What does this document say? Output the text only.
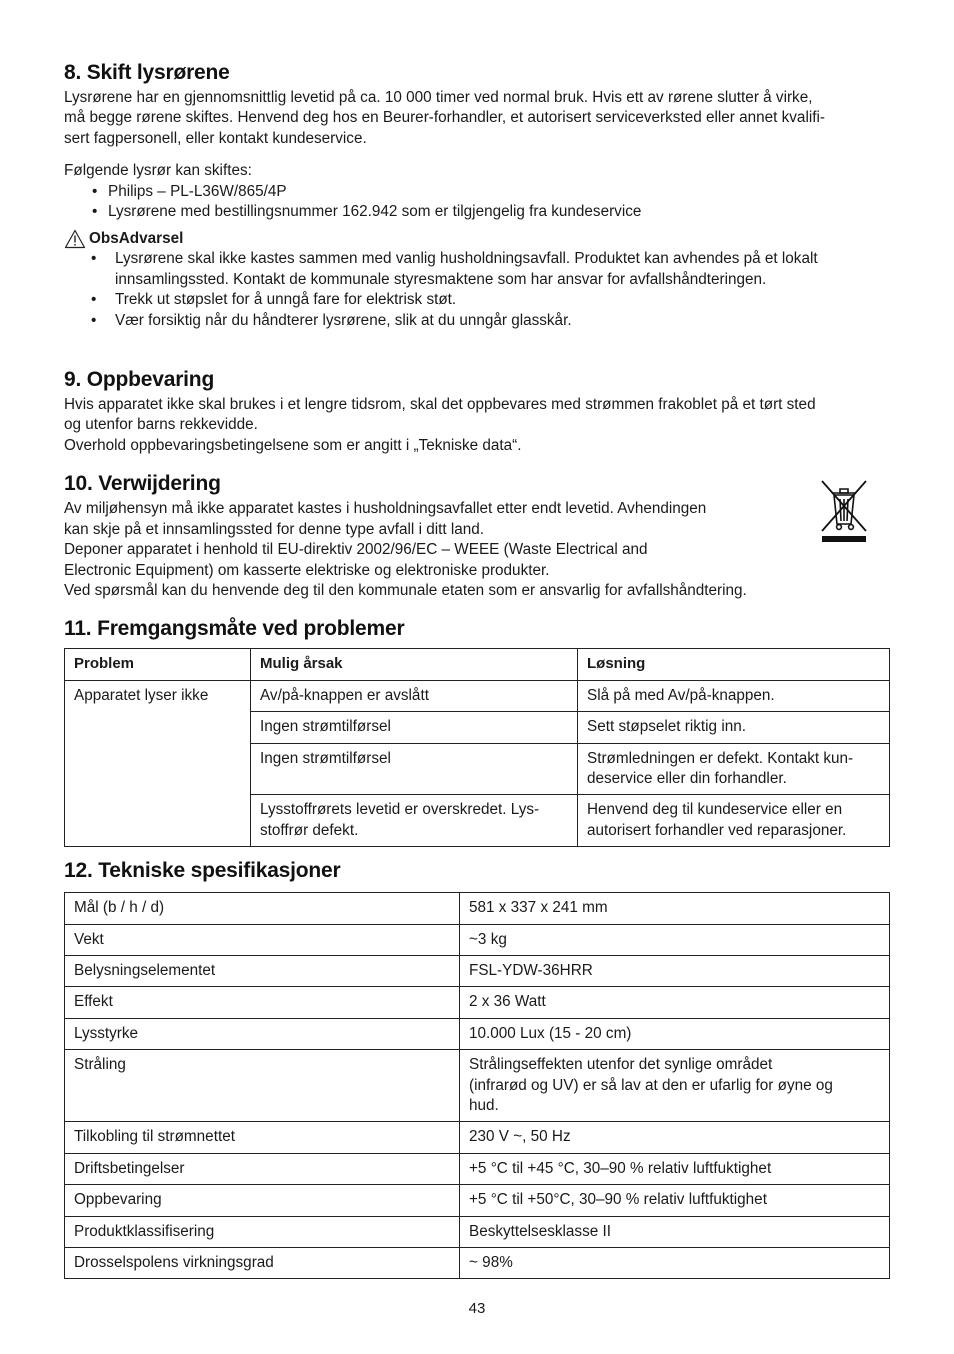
8. Skift lysrørene

Lysrørene har en gjennomsnittlig levetid på ca. 10 000 timer ved normal bruk. Hvis ett av rørene slutter å virke,
må begge rørene skiftes. Henvend deg hos en Beurer-forhandler, et autorisert serviceverksted eller annet kvalifi-
sert fagpersonell, eller kontakt kundeservice.

Følgende lysrør kan skiftes:

• Philips – PL-L36W/865/4P
• Lysrørene med bestillingsnummer 162.942 som er tilgjengelig fra kundeservice
ObsAdvarsel
• Lysrørene skal ikke kastes sammen med vanlig husholdningsavfall. Produktet kan avhendes på et lokalt
innsamlingssted. Kontakt de kommunale styresmaktene som har ansvar for avfallshåndteringen.
• Trekk ut støpslet for å unngå fare for elektrisk støt.
• Vær forsiktig når du håndterer lysrørene, slik at du unngår glasskår.
9. Oppbevaring

Hvis apparatet ikke skal brukes i et lengre tidsrom, skal det oppbevares med strømmen frakoblet på et tørt sted
og utenfor barns rekkevidde.
Overhold oppbevaringsbetingelsene som er angitt i „Tekniske data“.

10. Verwijdering

Av miljøhensyn må ikke apparatet kastes i husholdningsavfallet etter endt levetid. Avhendingen
kan skje på et innsamlingssted for denne type avfall i ditt land.
Deponer apparatet i henhold til EU-direktiv 2002/96/EC – WEEE (Waste Electrical and
Electronic Equipment) om kasserte elektriske og elektroniske produkter.

Ved spørsmål kan du henvende deg til den kommunale etaten som er ansvarlig for avfallshåndtering.

11. Fremgangsmåte ved problemer
Problem	Mulig årsak	Løsning
Apparatet lyser ikke	Av/på-knappen er avslått	Slå på med Av/på-knappen.
	Ingen strømtilførsel	Sett støpselet riktig inn.
	Ingen strømtilførsel	Strømledningen er defekt. Kontakt kun-
deservice eller din forhandler.
	Lysstoffrørets levetid er overskredet. Lys-
stoffrør defekt.	Henvend deg til kundeservice eller en
autorisert forhandler ved reparasjoner.
12. Tekniske spesifikasjoner
Mål (b / h / d)	581 x 337 x 241 mm
Vekt	~3 kg
Belysningselementet	FSL-YDW-36HRR
Effekt	2 x 36 Watt
Lysstyrke	10.000 Lux (15 - 20 cm)
Stråling	Strålingseffekten utenfor det synlige området
(infrarød og UV) er så lav at den er ufarlig for øyne og
hud.
Tilkobling til strømnettet	230 V ~, 50 Hz
Driftsbetingelser	+5 °C til +45 °C, 30–90 % relativ luftfuktighet
Oppbevaring	+5 °C til +50°C, 30–90 % relativ luftfuktighet
Produktklassifisering	Beskyttelsesklasse II
Drosselspolens virkningsgrad	~ 98%
43
